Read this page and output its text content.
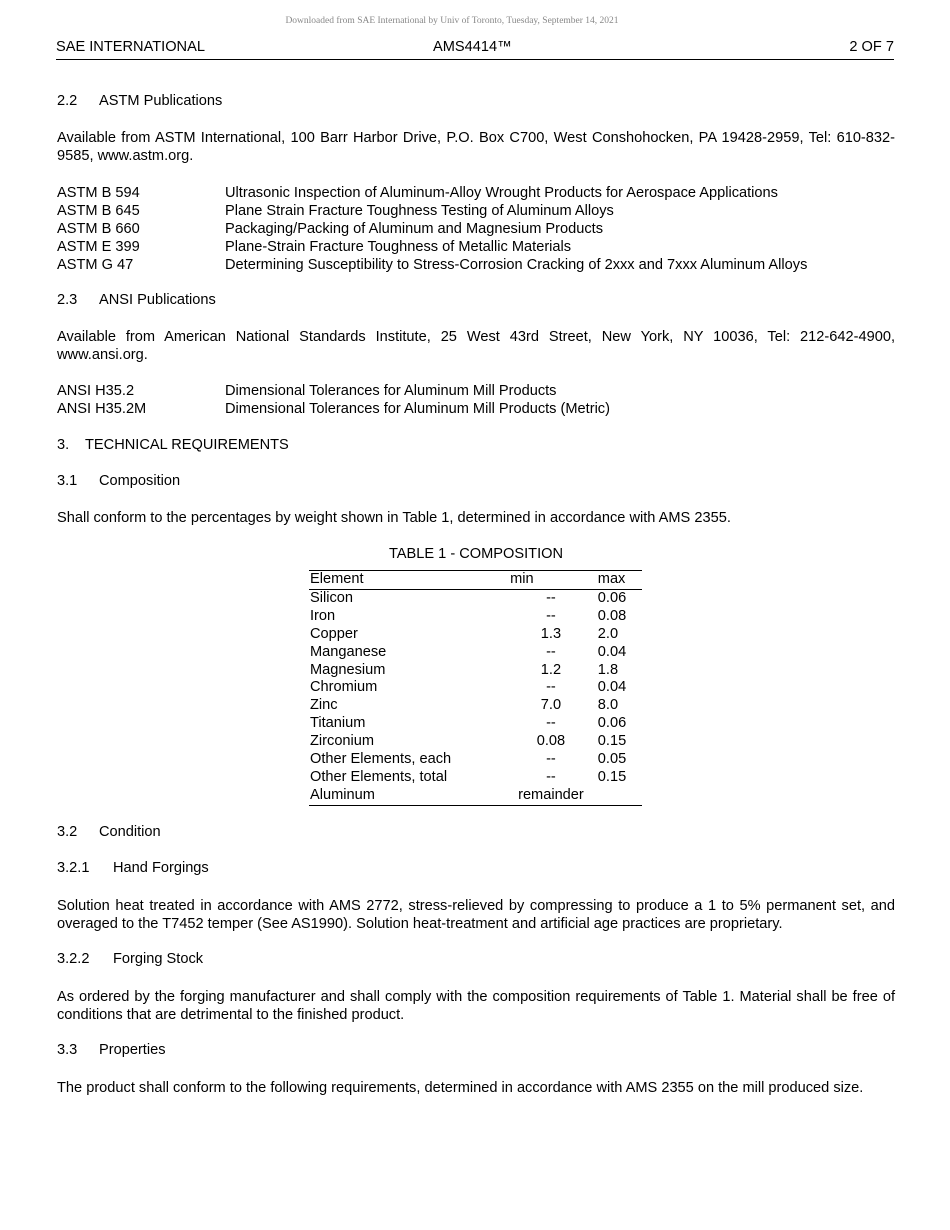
Downloaded from SAE International by Univ of Toronto, Tuesday, September 14, 2021
SAE INTERNATIONAL	AMS4414™	2 OF 7
2.2 ASTM Publications
Available from ASTM International, 100 Barr Harbor Drive, P.O. Box C700, West Conshohocken, PA 19428-2959, Tel: 610-832-9585, www.astm.org.
ASTM B 594	Ultrasonic Inspection of Aluminum-Alloy Wrought Products for Aerospace Applications
ASTM B 645	Plane Strain Fracture Toughness Testing of Aluminum Alloys
ASTM B 660	Packaging/Packing of Aluminum and Magnesium Products
ASTM E 399	Plane-Strain Fracture Toughness of Metallic Materials
ASTM G 47	Determining Susceptibility to Stress-Corrosion Cracking of 2xxx and 7xxx Aluminum Alloys
2.3 ANSI Publications
Available from American National Standards Institute, 25 West 43rd Street, New York, NY 10036, Tel: 212-642-4900, www.ansi.org.
ANSI H35.2	Dimensional Tolerances for Aluminum Mill Products
ANSI H35.2M	Dimensional Tolerances for Aluminum Mill Products (Metric)
3. TECHNICAL REQUIREMENTS
3.1 Composition
Shall conform to the percentages by weight shown in Table 1, determined in accordance with AMS 2355.
TABLE 1 - COMPOSITION
Element	min	max
Silicon	--	0.06
Iron	--	0.08
Copper	1.3	2.0
Manganese	--	0.04
Magnesium	1.2	1.8
Chromium	--	0.04
Zinc	7.0	8.0
Titanium	--	0.06
Zirconium	0.08	0.15
Other Elements, each	--	0.05
Other Elements, total	--	0.15
Aluminum	remainder	
3.2 Condition
3.2.1 Hand Forgings
Solution heat treated in accordance with AMS 2772, stress-relieved by compressing to produce a 1 to 5% permanent set, and overaged to the T7452 temper (See AS1990). Solution heat-treatment and artificial age practices are proprietary.
3.2.2 Forging Stock
As ordered by the forging manufacturer and shall comply with the composition requirements of Table 1. Material shall be free of conditions that are detrimental to the finished product.
3.3 Properties
The product shall conform to the following requirements, determined in accordance with AMS 2355 on the mill produced size.
